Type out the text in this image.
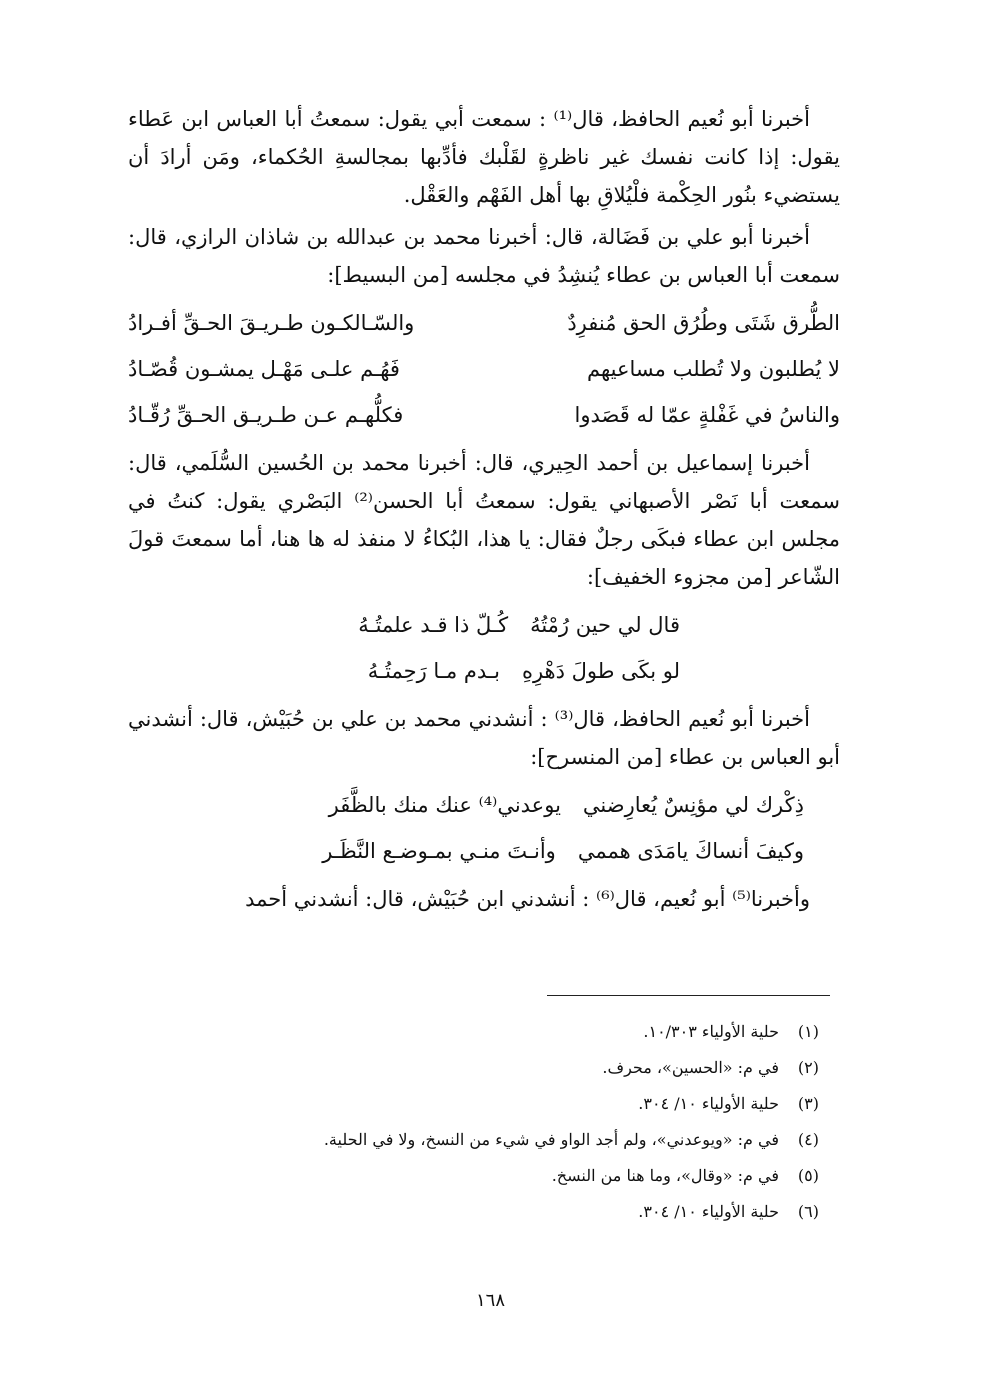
أخبرنا أبو نُعيم الحافظ، قال⁽¹⁾ : سمعت أبي يقول: سمعتُ أبا العباس ابن عَطاء يقول: إذا كانت نفسك غير ناظرةٍ لقَلْبك فأدِّبها بمجالسةِ الحُكماء، ومَن أرادَ أن يستضيء بنُور الحِكْمة فلْيُلاقِ بها أهل الفَهْم والعَقْل.

أخبرنا أبو علي بن فَضَالة، قال: أخبرنا محمد بن عبدالله بن شاذان الرازي، قال: سمعت أبا العباس بن عطاء يُنشِدُ في مجلسه [من البسيط]:

الطُّرق شَتَى وطُرُق الحق مُنفرِدٌ
والسّـالكـون طـريـقَ الحـقِّ أفـرادُ
لا يُطلبون ولا تُطلب مساعيهم
فَهُـم علـى مَهْـل يمشـون قُصّـادُ
والناسُ في غَفْلةٍ عمّا له قَصَدوا
فكلُّهـم عـن طـريـق الحـقِّ رُقّـادُ

أخبرنا إسماعيل بن أحمد الحِيري، قال: أخبرنا محمد بن الحُسين السُّلَمي، قال: سمعت أبا نَصْر الأصبهاني يقول: سمعتُ أبا الحسن⁽²⁾ البَصْري يقول: كنتُ في مجلس ابن عطاء فبكَى رجلٌ فقال: يا هذا، البُكاءُ لا منفذ له ها هنا، أما سمعتَ قولَ الشّاعر [من مجزوء الخفيف]:

قال لي حين رُمْتُهُ
كُـلّ ذا قـد علمتُـهُ
لو بكَى طولَ دَهْرِهِ
بـدم مـا رَحِمتُـهُ

أخبرنا أبو نُعيم الحافظ، قال⁽³⁾ : أنشدني محمد بن علي بن حُبَيْش، قال: أنشدني أبو العباس بن عطاء [من المنسرح]:

ذِكْرك لي مؤنِسٌ يُعارِضني
يوعدني⁽⁴⁾ عنك منك بالظَّفَر
وكيفَ أنساكَ يامَدَى هممي
وأنـتَ منـي بمـوضـع النَّظَـر

وأخبرنا⁽⁵⁾ أبو نُعيم، قال⁽⁶⁾ : أنشدني ابن حُبَيْش، قال: أنشدني أحمد

(١)
حلية الأولياء ١٠/٣٠٣.
(٢)
في م: «الحسين»، محرف.
(٣)
حلية الأولياء ١٠/ ٣٠٤.
(٤)
في م: «ويوعدني»، ولم أجد الواو في شيء من النسخ، ولا في الحلية.
(٥)
في م: «وقال»، وما هنا من النسخ.
(٦)
حلية الأولياء ١٠/ ٣٠٤.
١٦٨
